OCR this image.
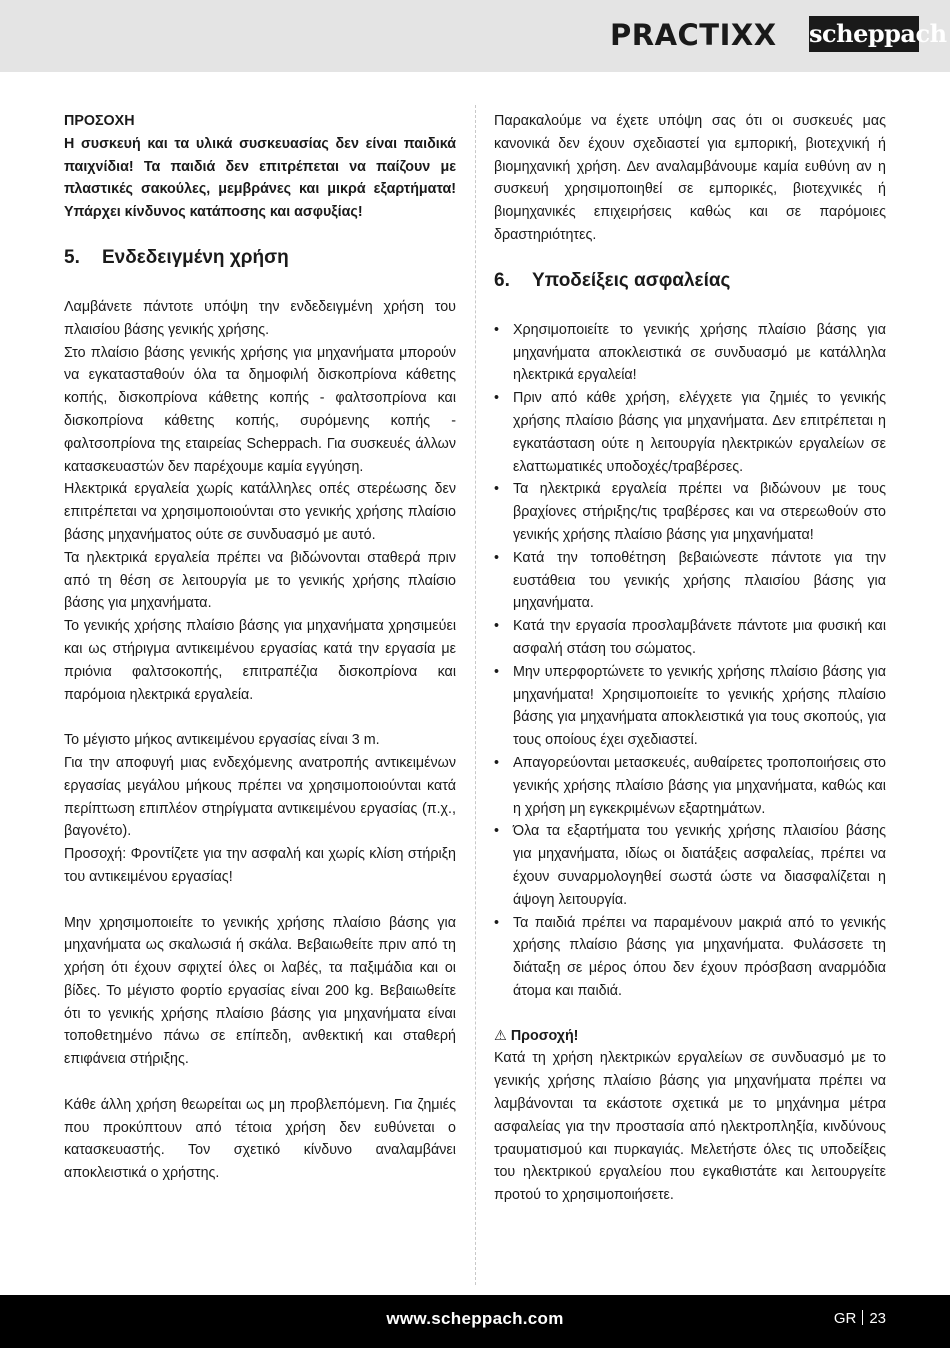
PRACTIXX scheppach

ΠΡΟΣΟΧΗ

Η συσκευή και τα υλικά συσκευασίας δεν είναι παιδικά παιχνίδια! Τα παιδιά δεν επιτρέπεται να παίζουν με πλαστικές σακούλες, μεμβράνες και μικρά εξαρτήματα! Υπάρχει κίνδυνος κατάποσης και ασφυξίας!

5.	Ενδεδειγμένη χρήση

Λαμβάνετε πάντοτε υπόψη την ενδεδειγμένη χρήση του πλαισίου βάσης γενικής χρήσης.

Στο πλαίσιο βάσης γενικής χρήσης για μηχανήματα μπορούν να εγκατασταθούν όλα τα δημοφιλή δισκοπρίονα κάθετης κοπής, δισκοπρίονα κάθετης κοπής - φαλτσοπρίονα και δισκοπρίονα κάθετης κοπής, συρόμενης κοπής - φαλτσοπρίονα της εταιρείας Scheppach. Για συσκευές άλλων κατασκευαστών δεν παρέχουμε καμία εγγύηση.

Ηλεκτρικά εργαλεία χωρίς κατάλληλες οπές στερέωσης δεν επιτρέπεται να χρησιμοποιούνται στο γενικής χρήσης πλαίσιο βάσης μηχανήματος ούτε σε συνδυασμό με αυτό.

Τα ηλεκτρικά εργαλεία πρέπει να βιδώνονται σταθερά πριν από τη θέση σε λειτουργία με το γενικής χρήσης πλαίσιο βάσης για μηχανήματα.

Το γενικής χρήσης πλαίσιο βάσης για μηχανήματα χρησιμεύει και ως στήριγμα αντικειμένου εργασίας κατά την εργασία με πριόνια φαλτσοκοπής, επιτραπέζια δισκοπρίονα και παρόμοια ηλεκτρικά εργαλεία.

Το μέγιστο μήκος αντικειμένου εργασίας είναι 3 m.

Για την αποφυγή μιας ενδεχόμενης ανατροπής αντικειμένων εργασίας μεγάλου μήκους πρέπει να χρησιμοποιούνται κατά περίπτωση επιπλέον στηρίγματα αντικειμένου εργασίας (π.χ., βαγονέτο).

Προσοχή: Φροντίζετε για την ασφαλή και χωρίς κλίση στήριξη του αντικειμένου εργασίας!

Μην χρησιμοποιείτε το γενικής χρήσης πλαίσιο βάσης για μηχανήματα ως σκαλωσιά ή σκάλα. Βεβαιωθείτε πριν από τη χρήση ότι έχουν σφιχτεί όλες οι λαβές, τα παξιμάδια και οι βίδες. Το μέγιστο φορτίο εργασίας είναι 200 kg. Βεβαιωθείτε ότι το γενικής χρήσης πλαίσιο βάσης για μηχανήματα είναι τοποθετημένο πάνω σε επίπεδη, ανθεκτική και σταθερή επιφάνεια στήριξης.

Κάθε άλλη χρήση θεωρείται ως μη προβλεπόμενη. Για ζημιές που προκύπτουν από τέτοια χρήση δεν ευθύνεται ο κατασκευαστής. Τον σχετικό κίνδυνο αναλαμβάνει αποκλειστικά ο χρήστης.

Παρακαλούμε να έχετε υπόψη σας ότι οι συσκευές μας κανονικά δεν έχουν σχεδιαστεί για εμπορική, βιοτεχνική ή βιομηχανική χρήση. Δεν αναλαμβάνουμε καμία ευθύνη αν η συσκευή χρησιμοποιηθεί σε εμπορικές, βιοτεχνικές ή βιομηχανικές επιχειρήσεις καθώς και σε παρόμοιες δραστηριότητες.

6.	Υποδείξεις ασφαλείας
• Χρησιμοποιείτε το γενικής χρήσης πλαίσιο βάσης για μηχανήματα αποκλειστικά σε συνδυασμό με κατάλληλα ηλεκτρικά εργαλεία!
• Πριν από κάθε χρήση, ελέγχετε για ζημιές το γενικής χρήσης πλαίσιο βάσης για μηχανήματα. Δεν επιτρέπεται η εγκατάσταση ούτε η λειτουργία ηλεκτρικών εργαλείων σε ελαττωματικές υποδοχές/τραβέρσες.
• Τα ηλεκτρικά εργαλεία πρέπει να βιδώνουν με τους βραχίονες στήριξης/τις τραβέρσες και να στερεωθούν στο γενικής χρήσης πλαίσιο βάσης για μηχανήματα!
• Κατά την τοποθέτηση βεβαιώνεστε πάντοτε για την ευστάθεια του γενικής χρήσης πλαισίου βάσης για μηχανήματα.
• Κατά την εργασία προσλαμβάνετε πάντοτε μια φυσική και ασφαλή στάση του σώματος.
• Μην υπερφορτώνετε το γενικής χρήσης πλαίσιο βάσης για μηχανήματα! Χρησιμοποιείτε το γενικής χρήσης πλαίσιο βάσης για μηχανήματα αποκλειστικά για τους σκοπούς, για τους οποίους έχει σχεδιαστεί.
• Απαγορεύονται μετασκευές, αυθαίρετες τροποποιήσεις στο γενικής χρήσης πλαίσιο βάσης για μηχανήματα, καθώς και η χρήση μη εγκεκριμένων εξαρτημάτων.
• Όλα τα εξαρτήματα του γενικής χρήσης πλαισίου βάσης για μηχανήματα, ιδίως οι διατάξεις ασφαλείας, πρέπει να έχουν συναρμολογηθεί σωστά ώστε να διασφαλίζεται η άψογη λειτουργία.
• Τα παιδιά πρέπει να παραμένουν μακριά από το γενικής χρήσης πλαίσιο βάσης για μηχανήματα. Φυλάσσετε τη διάταξη σε μέρος όπου δεν έχουν πρόσβαση αναρμόδια άτομα και παιδιά.

⚠ Προσοχή!

Κατά τη χρήση ηλεκτρικών εργαλείων σε συνδυασμό με το γενικής χρήσης πλαίσιο βάσης για μηχανήματα πρέπει να λαμβάνονται τα εκάστοτε σχετικά με το μηχάνημα μέτρα ασφαλείας για την προστασία από ηλεκτροπληξία, κινδύνους τραυματισμού και πυρκαγιάς. Μελετήστε όλες τις υποδείξεις του ηλεκτρικού εργαλείου που εγκαθιστάτε και λειτουργείτε προτού το χρησιμοποιήσετε.

www.scheppach.com	GR 23
